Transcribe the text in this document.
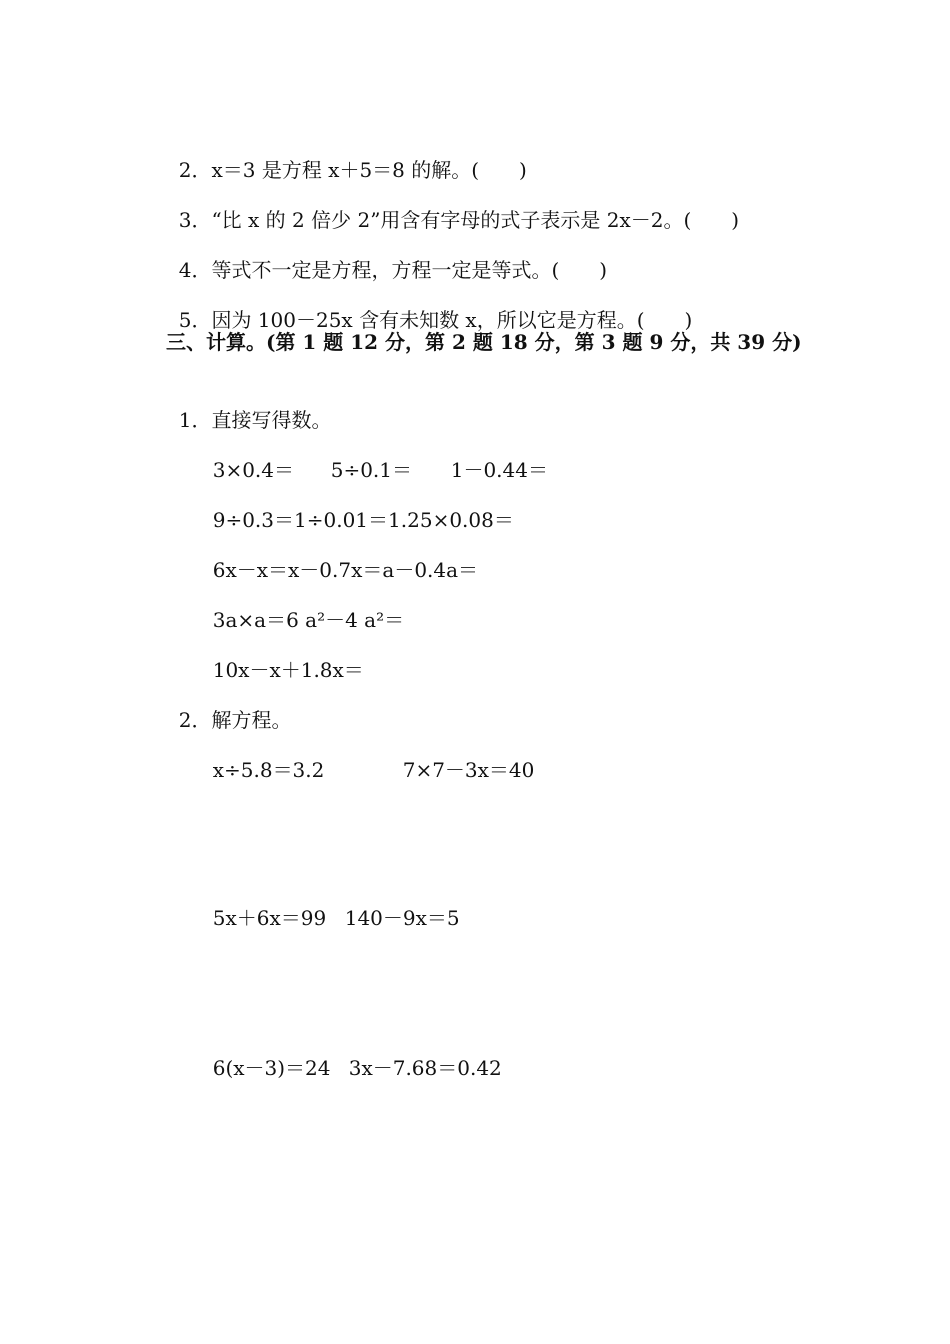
2．x＝3 是方程 x＋5＝8 的解。(　　)

3．“比 x 的 2 倍少 2”用含有字母的式子表示是 2x－2。(　　)

4．等式不一定是方程，方程一定是等式。(　　)

5．因为 100－25x 含有未知数 x，所以它是方程。(　　)

三、计算。(第 1 题 12 分，第 2 题 18 分，第 3 题 9 分，共 39 分)

1．直接写得数。

3×0.4＝ 5÷0.1＝ 1－0.44＝

9÷0.3＝1÷0.01＝1.25×0.08＝

6x－x＝x－0.7x＝a－0.4a＝

3a×a＝6 a²－4 a²＝

10x－x＋1.8x＝

2．解方程。

x÷5.8＝3.2	7×7－3x＝40

5x＋6x＝99 140－9x＝5

6(x－3)＝24 3x－7.68＝0.42
